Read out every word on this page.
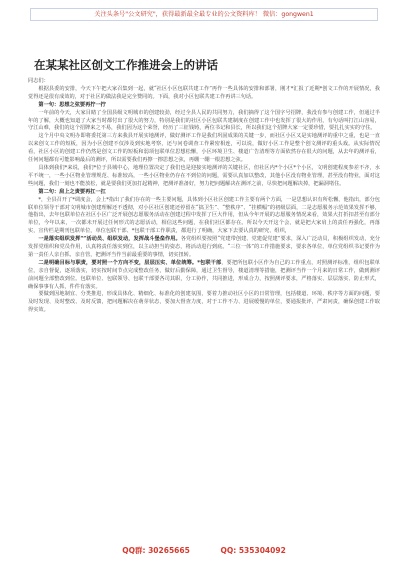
关注头条号"公文研究"，获得最新最全最专业的公文资料库！ 微信：gongwen1
在某某社区创文工作推进会上的讲话

同志们：

根据县委的安排，今天下午把大家召集到一起，就“社区小区包联共建工作”再作一些具体的安排和部署，刚才*汇报了近期*创文工作的开展情况，我觉得还是很有成效的，对于社区的做法我是完全赞同的。下面，我对小区包联共建工作再讲三句话。

第一句：思想之弦要再拧一拧

一年前的今天，大家目睹了全国县级文明城市的创建较劲，经过全县人民的共同努力，我们摘得了这个国字号招牌，我没有参与创建工作，但通过半年的了解，大概也知道了大家当时都付出了很大的努力，特别是我们的社区小区包联共建制度在创建工作中也发挥了很大的作用，有句话叫打江山容易，守江山难，我们的这个招牌来之不易，我们因为这个荣誉，经历了三征钱铸，两位书记和县长，所以我们这个招牌大家一定要珍惜，要扎扎实实的守住。

这个月中央文明办即将委托第三方来我县开展实地测评，做好测评工作是我们巩固成果的关键一步，而社区小区又是实地测评的重中之重，也是一直以来创文工作的短板，因为小区创建不仅涉及到实地考察，还与问卷调查工作紧密相连，可以说，做好小区工作是整个创文测评的重头戏。从实际情况看，社区小区的创建工作仍然是创文工作的短板和弱项包联单位思想松懈，小区环境卫生、楼道广告清理等方面依然存在很大的问题，从去年的测评看，任何问题都有可能影响最后的测评，所以需要我们再擦一擦思想之弦，再绷一绷一根思想之弦。

具体到我们*来说，我们*位于县城中心，地理位置决定了我们也是迎接实地测评的关键社区，但社区内*个小区*个小区，文明创建程度参差不齐，水平不统一，一些小区物业管理规范、标准较高，一些小区物业仍存在不到位的问题，需要认真加以整改，其他小区没有物业管理，甚至没有物业，面对这些问题，我们一刻也不能放松，就是要我们更加打起精神，把测评准备好，努力把问题解决在测评之前，尽快把问题解决掉，把漏洞堵住。

第二句：肩上之责要再扛一扛

*，全县召开了*调度会，会上*指出了我们存在的一些主要问题，具体到小区社区创建工作主要有两个方面，一是思想认识有所松懈，他指出，部分包联单位领导干部对文明城市创建理解还不透彻，对小区社区创建还停留在“搞卫生”、“整秩序”、“挂横幅”的初级层面，二是志愿服务示范效果发挥不够，他指出，去年包联单位在社区小区广泛开展创志愿服务活动在创建过程中发挥了巨大作用，但从今年开展的志愿服务情况来看，效果大打折扣甚至有部分单位，今年以来，一次都未开展过任何形式的志愿活动，相信这些问题，在我们社区都存在。所以今天开这个会，就是把大家肩上的责任再强化，再落实，宣传栏是期刊包联单位，单位包联干部、*包联干部工作职责，都进行了明确，大家下去要认真的研究、组织，

一是落实组织发挥“”活动员、组织发动，发挥战斗堡垒作用。各党组织要按照“党建带创建、党建促党建”要求，深入广泛动员，积极组织发动，充分发挥党组织和党员作用，认真将责任落实到位，以主动担当的姿态，将活动进行到底。“三位一体”的工作措施要求，要求各单位，单位党组织书记要作为第一责任人亲自抓、亲自管，把测评当作当前最重要的事情，切实扭转。

二是明确目标与职责，要对照一个方向不变，层层压实、单位统筹。*包联干部，要把所包联小区作为自己的工作重点，对照测评标准，组织包联单位，亲自督促，逐项落实，切实按时间节点完成整改任务，做好后勤保障，通过卫生督导，楼道清理等措施，把测评当作一个月来的日常工作，做到测评前问题全部整改到位。包联单位、包联领导、包联干部要各司其职，分工协作，共同推进，形成合力，按照测评要求，严格落实、层层落实、防止形式，确保事事有人抓，件件有落实。

要做到因地制宜、分类推进，形成具体化、精细化、标准化的创建氛围，要着力推动社区小区的日常管理，包括楼道、环境、秩序等方面的问题，要及时发现、及时整改、及时反馈，把问题解决在萌芽状态，要加大督查力度，对于工作不力、进展缓慢的单位，要通报批评，严肃问责，确保创建工作取得实效。

QQ群: 30265665	QQ: 535304092
